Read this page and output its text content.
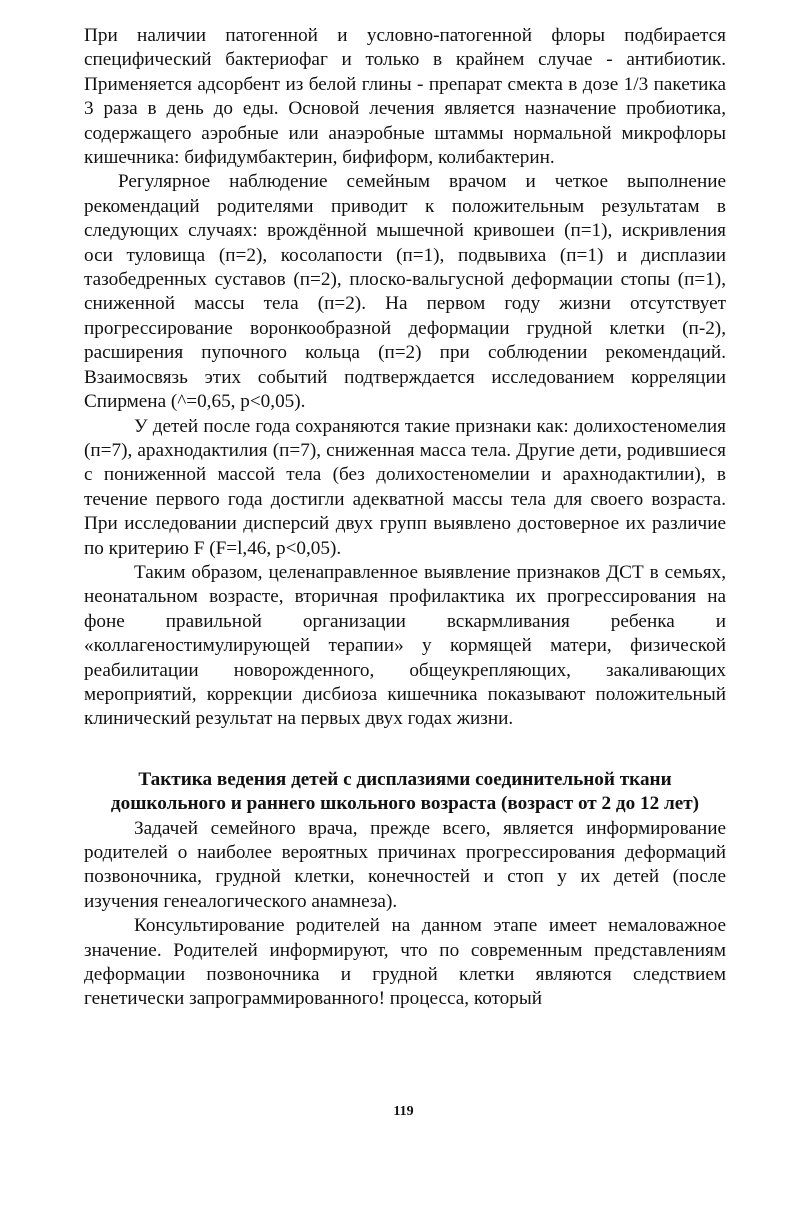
При наличии патогенной и условно-патогенной флоры подбирается специфический бактериофаг и только в крайнем случае - антибиотик. Применяется адсорбент из белой глины - препарат смекта в дозе 1/3 пакетика 3 раза в день до еды. Основой лечения является назначение пробиотика, содержащего аэробные или анаэробные штаммы нормальной микрофлоры кишечника: бифидумбактерин, бифиформ, колибактерин.

Регулярное наблюдение семейным врачом и четкое выполнение рекомендаций родителями приводит к положительным результатам в следующих случаях: врождённой мышечной кривошеи (п=1), искривления оси туловища (п=2), косолапости (п=1), подвывиха (п=1) и дисплазии тазобедренных суставов (п=2), плоско-вальгусной деформации стопы (п=1), сниженной массы тела (п=2). На первом году жизни отсутствует прогрессирование воронкообразной деформации грудной клетки (п-2), расширения пупочного кольца (п=2) при соблюдении рекомендаций. Взаимосвязь этих событий подтверждается исследованием корреляции Спирмена (^=0,65, р<0,05).

У детей после года сохраняются такие признаки как: долихостеномелия (п=7), арахнодактилия (п=7), сниженная масса тела. Другие дети, родившиеся с пониженной массой тела (без долихостеномелии и арахнодактилии), в течение первого года достигли адекватной массы тела для своего возраста. При исследовании дисперсий двух групп выявлено достоверное их различие по критерию F (F=l,46, р<0,05).

Таким образом, целенаправленное выявление признаков ДСТ в семьях, неонатальном возрасте, вторичная профилактика их прогрессирования на фоне правильной организации вскармливания ребенка и «коллагеностимулирующей терапии» у кормящей матери, физической реабилитации новорожденного, общеукрепляющих, закаливающих мероприятий, коррекции дисбиоза кишечника показывают положительный клинический результат на первых двух годах жизни.

Тактика ведения детей с дисплазиями соединительной ткани

дошкольного и раннего школьного возраста (возраст от 2 до 12 лет)

Задачей семейного врача, прежде всего, является информирование родителей о наиболее вероятных причинах прогрессирования деформаций позвоночника, грудной клетки, конечностей и стоп у их детей (после изучения генеалогического анамнеза).

Консультирование родителей на данном этапе имеет немаловажное значение. Родителей информируют, что по современным представлениям деформации позвоночника и грудной клетки являются следствием генетически запрограммированного! процесса, который

119
